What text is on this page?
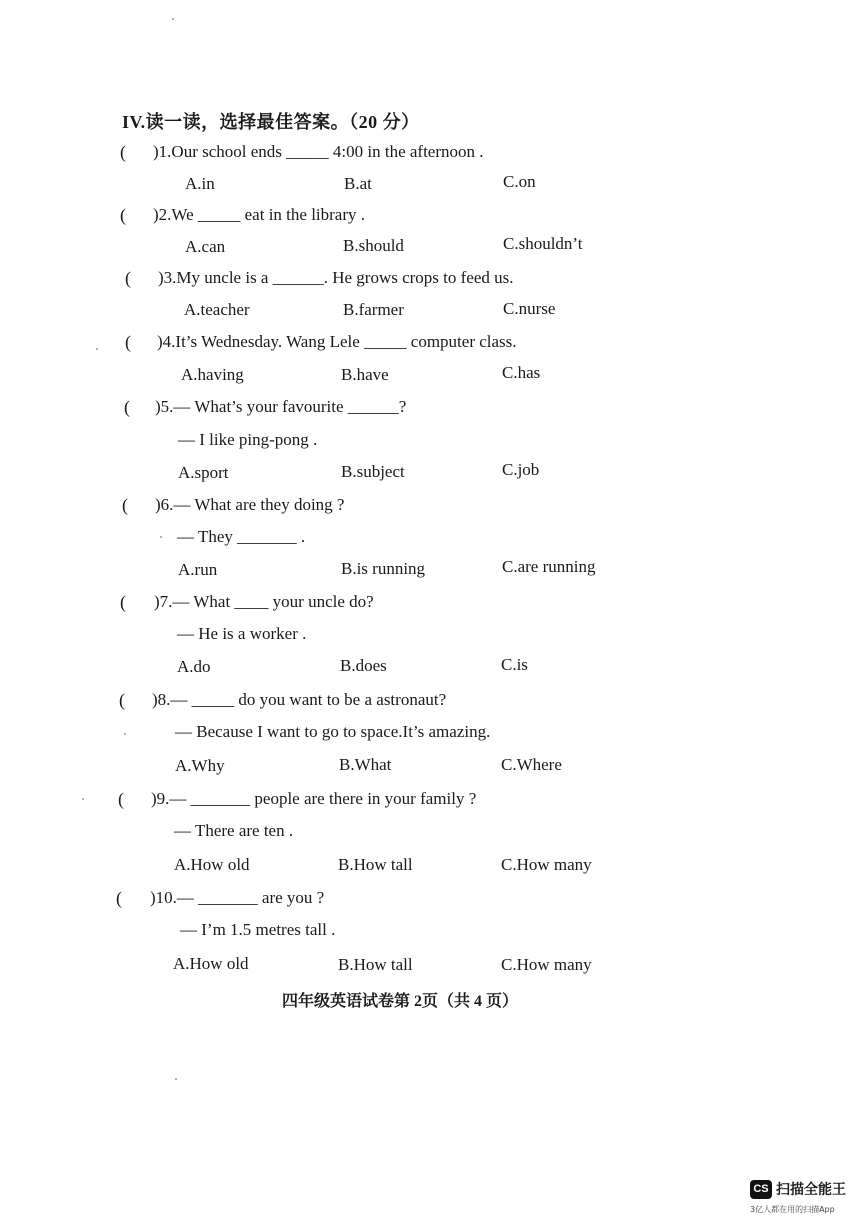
IV.读一读，选择最佳答案。（20 分）
( )1.Our school ends _____ 4:00 in the afternoon .
A.in	B.at	C.on
( )2.We _____ eat in the library .
A.can	B.should	C.shouldn’t
( )3.My uncle is a ______. He grows crops to feed us.
A.teacher	B.farmer	C.nurse
( )4.It’s Wednesday. Wang Lele _____ computer class.
A.having	B.have	C.has
( )5.— What’s your favourite ______?
— I like ping-pong .
A.sport	B.subject	C.job
( )6.— What are they doing ?
— They _______ .
A.run	B.is running	C.are running
( )7.— What ____ your uncle do?
— He is a worker .
A.do	B.does	C.is
( )8.— _____ do you want to be a astronaut?
— Because I want to go to space.It’s amazing.
A.Why	B.What	C.Where
( )9.— _______ people are there in your family ?
— There are ten .
A.How old	B.How tall	C.How many
( )10.— _______ are you ?
— I’m 1.5 metres tall .
A.How old	B.How tall	C.How many
四年级英语试卷第 2页（共 4 页）
CS 扫描全能王
3亿人都在用的扫描App
